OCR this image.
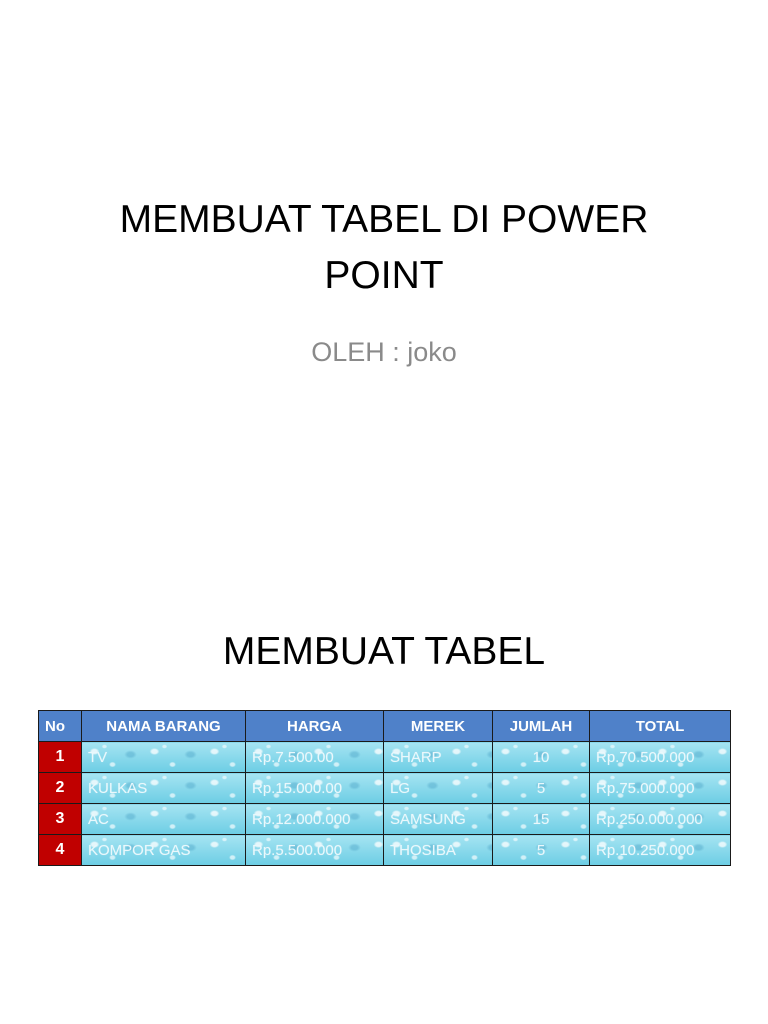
MEMBUAT TABEL DI POWER POINT

OLEH : joko

MEMBUAT TABEL
No	NAMA BARANG	HARGA	MEREK	JUMLAH	TOTAL
1	TV	Rp.7.500.00	SHARP	10	Rp.70.500.000
2	KULKAS	Rp.15.000.00	LG	5	Rp.75.000.000
3	AC	Rp.12.000.000	SAMSUNG	15	Rp.250.000.000
4	KOMPOR GAS	Rp.5.500.000	THOSIBA	5	Rp.10.250.000
